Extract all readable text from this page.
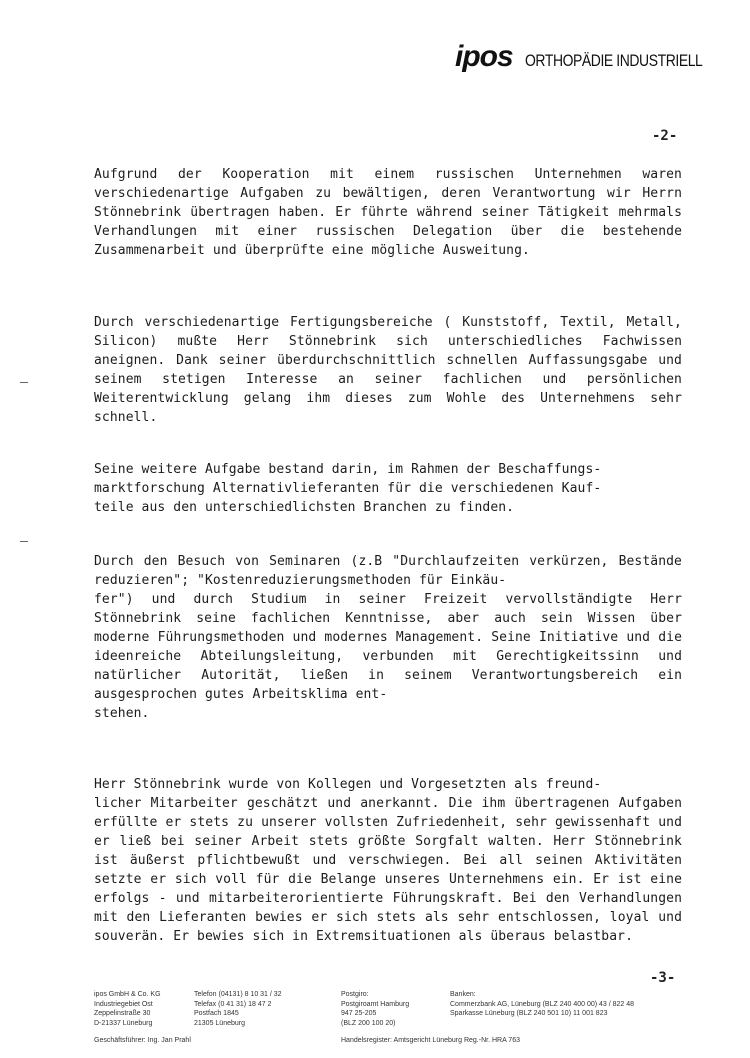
ipos ORTHOPÄDIE INDUSTRIELL
-2-
Aufgrund der Kooperation mit einem russischen Unternehmen waren verschiedenartige Aufgaben zu bewältigen, deren Verantwortung wir Herrn Stönnebrink übertragen haben. Er führte während seiner Tätigkeit mehrmals Verhandlungen mit einer russischen Delegation über die bestehende Zusammenarbeit und überprüfte eine mögliche Ausweitung.
Durch verschiedenartige Fertigungsbereiche ( Kunststoff, Textil, Metall, Silicon) mußte Herr Stönnebrink sich unterschiedliches Fachwissen aneignen. Dank seiner überdurchschnittlich schnellen Auffassungsgabe und seinem stetigen Interesse an seiner fachlichen und persönlichen Weiterentwicklung gelang ihm dieses zum Wohle des Unternehmens sehr schnell.
Seine weitere Aufgabe bestand darin, im Rahmen der Beschaffungs-
marktforschung Alternativlieferanten für die verschiedenen Kauf-
teile aus den unterschiedlichsten Branchen zu finden.
Durch den Besuch von Seminaren (z.B "Durchlaufzeiten verkürzen, Bestände reduzieren"; "Kostenreduzierungsmethoden für Einkäu-
fer") und durch Studium in seiner Freizeit vervollständigte Herr Stönnebrink seine fachlichen Kenntnisse, aber auch sein Wissen über moderne Führungsmethoden und modernes Management. Seine Initiative und die ideenreiche Abteilungsleitung, verbunden mit Gerechtigkeitssinn und natürlicher Autorität, ließen in seinem Verantwortungsbereich ein ausgesprochen gutes Arbeitsklima ent-
stehen.
Herr Stönnebrink wurde von Kollegen und Vorgesetzten als freund-
licher Mitarbeiter geschätzt und anerkannt. Die ihm übertragenen Aufgaben erfüllte er stets zu unserer vollsten Zufriedenheit, sehr gewissenhaft und er ließ bei seiner Arbeit stets größte Sorgfalt walten. Herr Stönnebrink ist äußerst pflichtbewußt und verschwiegen. Bei all seinen Aktivitäten setzte er sich voll für die Belange unseres Unternehmens ein. Er ist eine erfolgs - und mitarbeiterorientierte Führungskraft. Bei den Verhandlungen mit den Lieferanten bewies er sich stets als sehr entschlossen, loyal und souverän. Er bewies sich in Extremsituationen als überaus belastbar.
-3-
ipos GmbH & Co. KG
Industriegebiet Ost
Zeppelinstraße 30
D-21337 Lüneburg
Telefon (04131) 8 10 31 / 32
Telefax (0 41 31) 18 47 2
Postfach 1845
21305 Lüneburg
Postgiro:
Postgiroamt Hamburg
947 25-205
(BLZ 200 100 20)
Banken:
Commerzbank AG, Lüneburg (BLZ 240 400 00) 43 / 822 48
Sparkasse Lüneburg (BLZ 240 501 10) 11 001 823
Geschäftsführer: Ing. Jan Prahl	Handelsregister: Amtsgericht Lüneburg Reg.-Nr. HRA 763
